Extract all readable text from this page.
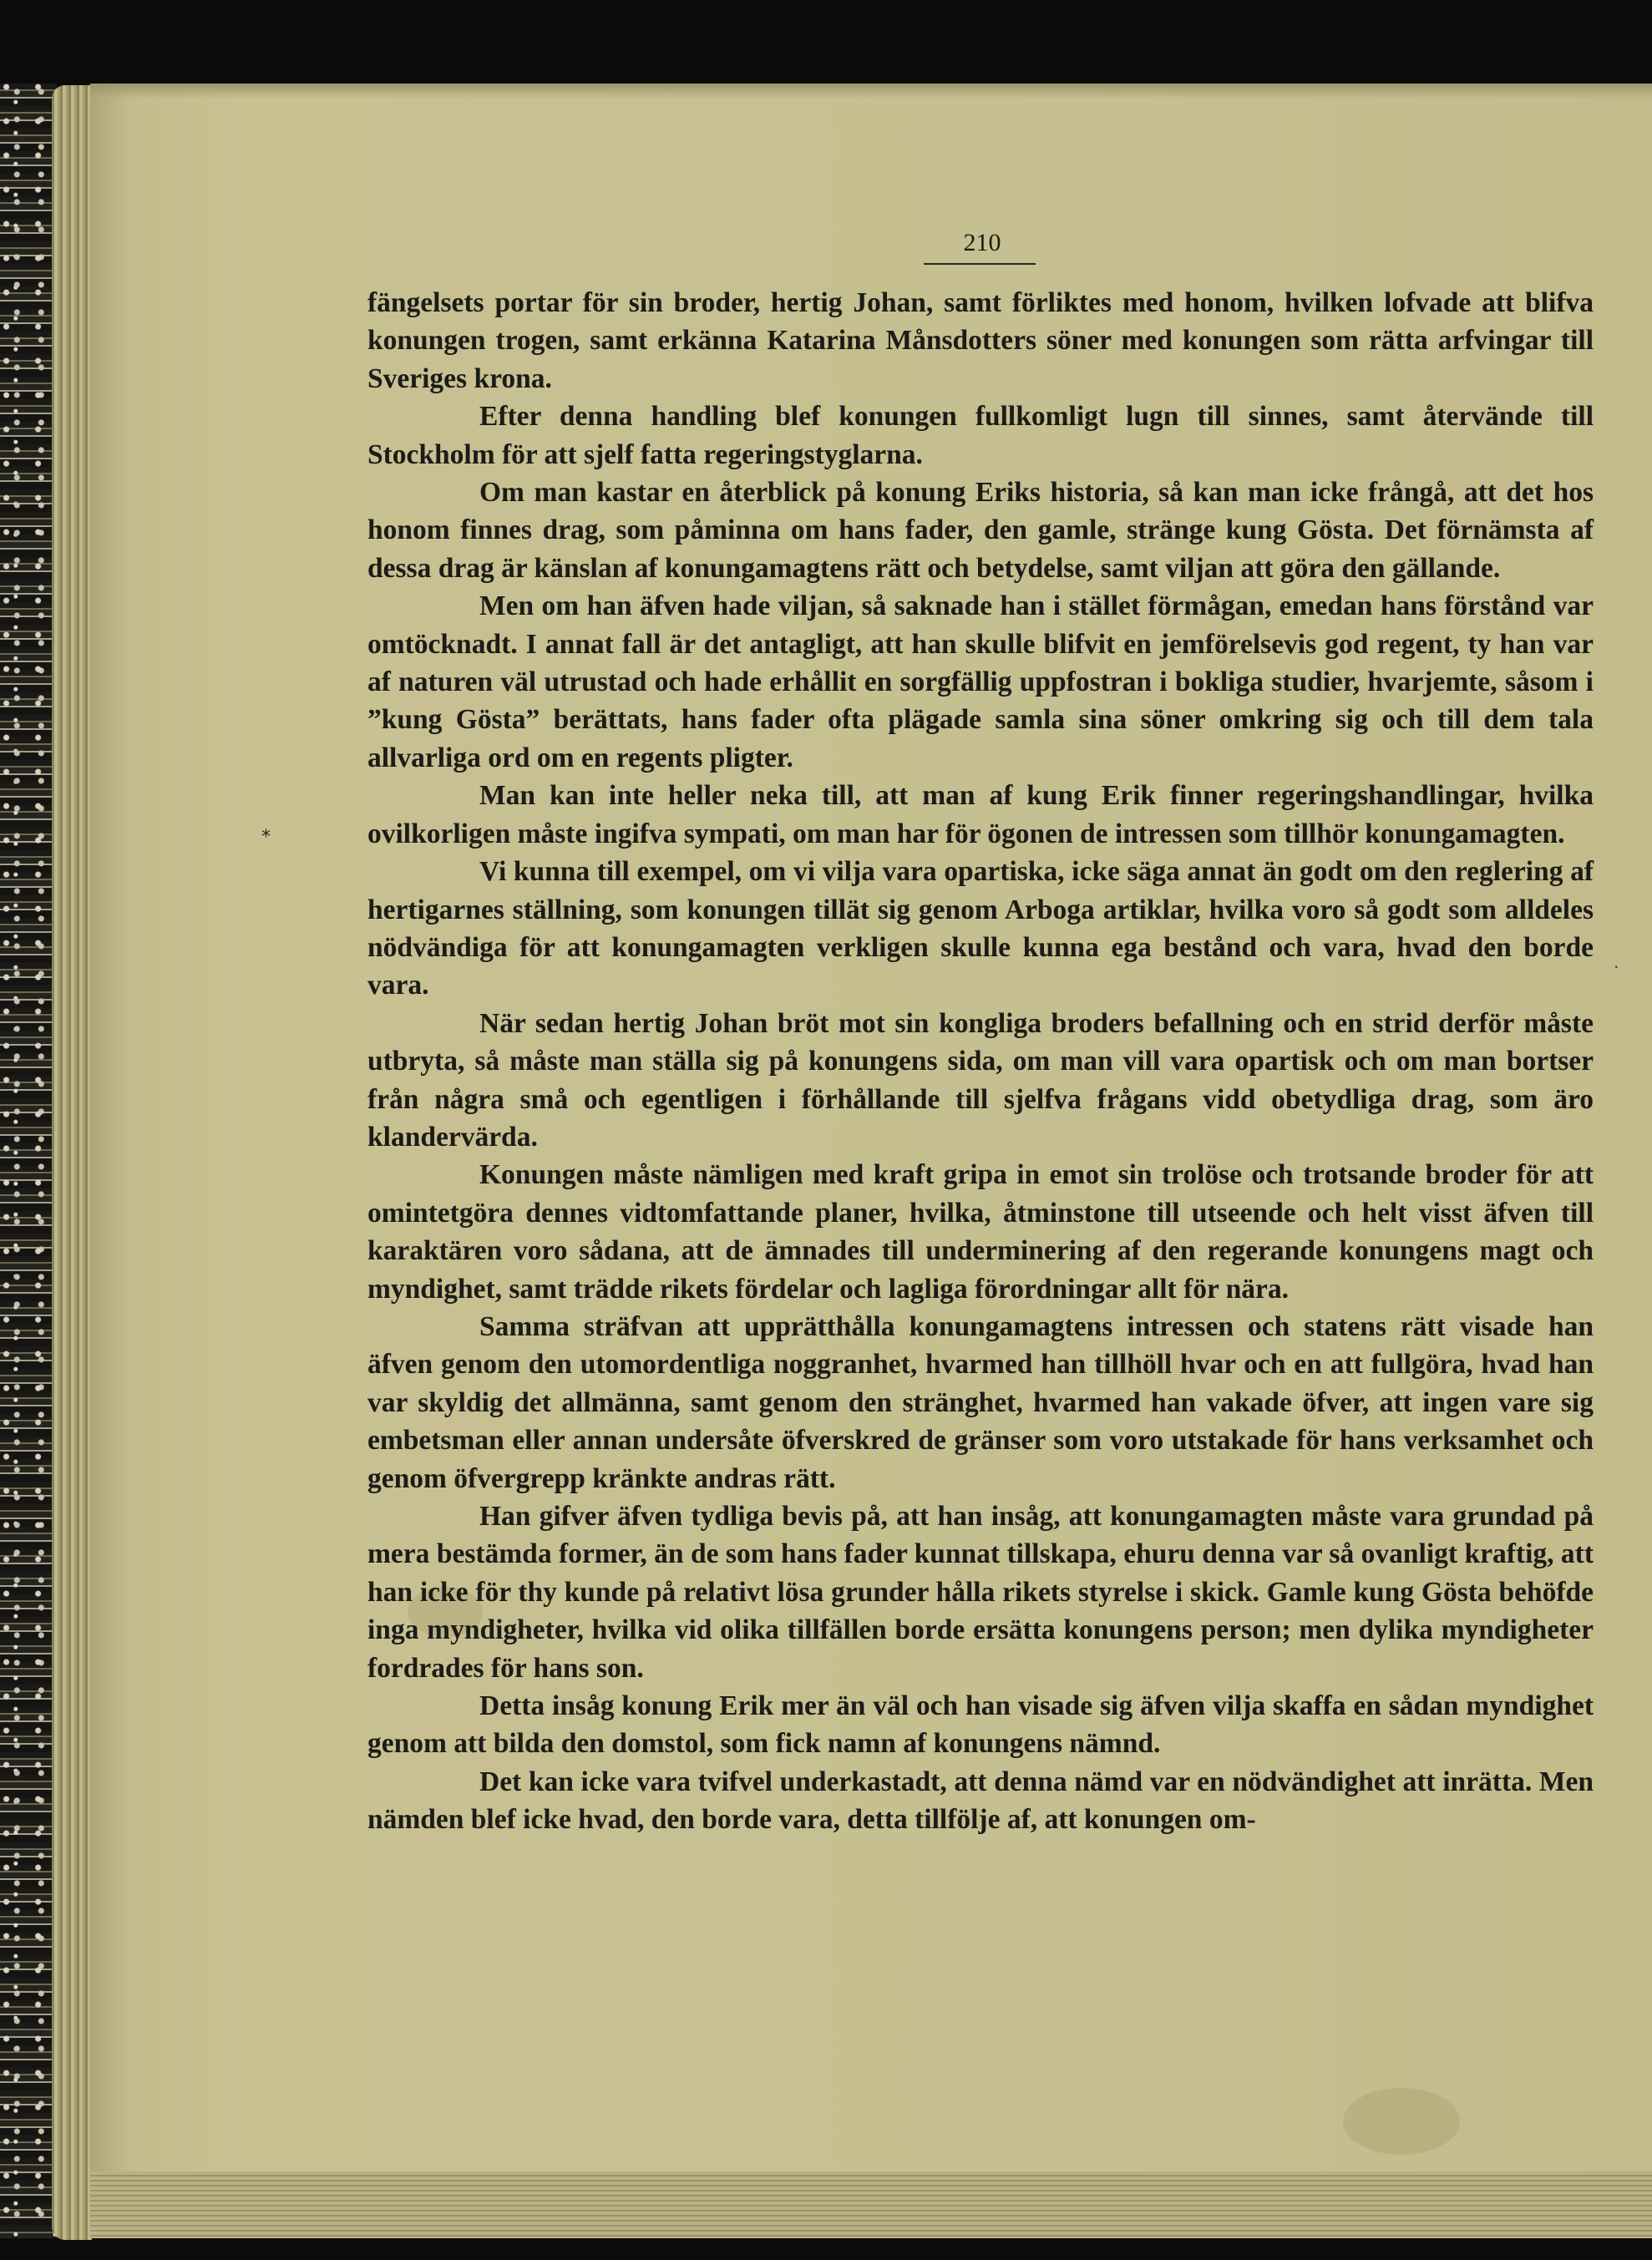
210
*
.

fängelsets portar för sin broder, hertig Johan, samt förliktes med honom, hvilken lofvade att blifva konungen trogen, samt erkänna Katarina Månsdotters söner med konungen som rätta arfvingar till Sveriges krona.

Efter denna handling blef konungen fullkomligt lugn till sinnes, samt återvände till Stockholm för att sjelf fatta regeringstyglarna.

Om man kastar en återblick på konung Eriks historia, så kan man icke frångå, att det hos honom finnes drag, som påminna om hans fader, den gamle, stränge kung Gösta. Det förnämsta af dessa drag är känslan af konungamagtens rätt och betydelse, samt viljan att göra den gällande.

Men om han äfven hade viljan, så saknade han i stället förmågan, emedan hans förstånd var omtöcknadt. I annat fall är det antagligt, att han skulle blifvit en jemförelsevis god regent, ty han var af naturen väl utrustad och hade erhållit en sorgfällig uppfostran i bokliga studier, hvarjemte, såsom i ”kung Gösta” berättats, hans fader ofta plägade samla sina söner omkring sig och till dem tala allvarliga ord om en regents pligter.

Man kan inte heller neka till, att man af kung Erik finner regeringshandlingar, hvilka ovilkorligen måste ingifva sympati, om man har för ögonen de intressen som tillhör konungamagten.

Vi kunna till exempel, om vi vilja vara opartiska, icke säga annat än godt om den reglering af hertigarnes ställning, som konungen tillät sig genom Arboga artiklar, hvilka voro så godt som alldeles nödvändiga för att konungamagten verkligen skulle kunna ega bestånd och vara, hvad den borde vara.

När sedan hertig Johan bröt mot sin kongliga broders befallning och en strid derför måste utbryta, så måste man ställa sig på konungens sida, om man vill vara opartisk och om man bortser från några små och egentligen i förhållande till sjelfva frågans vidd obetydliga drag, som äro klandervärda.

Konungen måste nämligen med kraft gripa in emot sin trolöse och trotsande broder för att omintetgöra dennes vidtomfattande planer, hvilka, åtminstone till utseende och helt visst äfven till karaktären voro sådana, att de ämnades till underminering af den regerande konungens magt och myndighet, samt trädde rikets fördelar och lagliga förordningar allt för nära.

Samma sträfvan att upprätthålla konungamagtens intressen och statens rätt visade han äfven genom den utomordentliga noggranhet, hvarmed han tillhöll hvar och en att fullgöra, hvad han var skyldig det allmänna, samt genom den stränghet, hvarmed han vakade öfver, att ingen vare sig embetsman eller annan undersåte öfverskred de gränser som voro utstakade för hans verksamhet och genom öfvergrepp kränkte andras rätt.

Han gifver äfven tydliga bevis på, att han insåg, att konungamagten måste vara grundad på mera bestämda former, än de som hans fader kunnat tillskapa, ehuru denna var så ovanligt kraftig, att han icke för thy kunde på relativt lösa grunder hålla rikets styrelse i skick. Gamle kung Gösta behöfde inga myndigheter, hvilka vid olika tillfällen borde ersätta konungens person; men dylika myndigheter fordrades för hans son.

Detta insåg konung Erik mer än väl och han visade sig äfven vilja skaffa en sådan myndighet genom att bilda den domstol, som fick namn af konungens nämnd.

Det kan icke vara tvifvel underkastadt, att denna nämd var en nödvändighet att inrätta. Men nämden blef icke hvad, den borde vara, detta tillfölje af, att konungen om-
